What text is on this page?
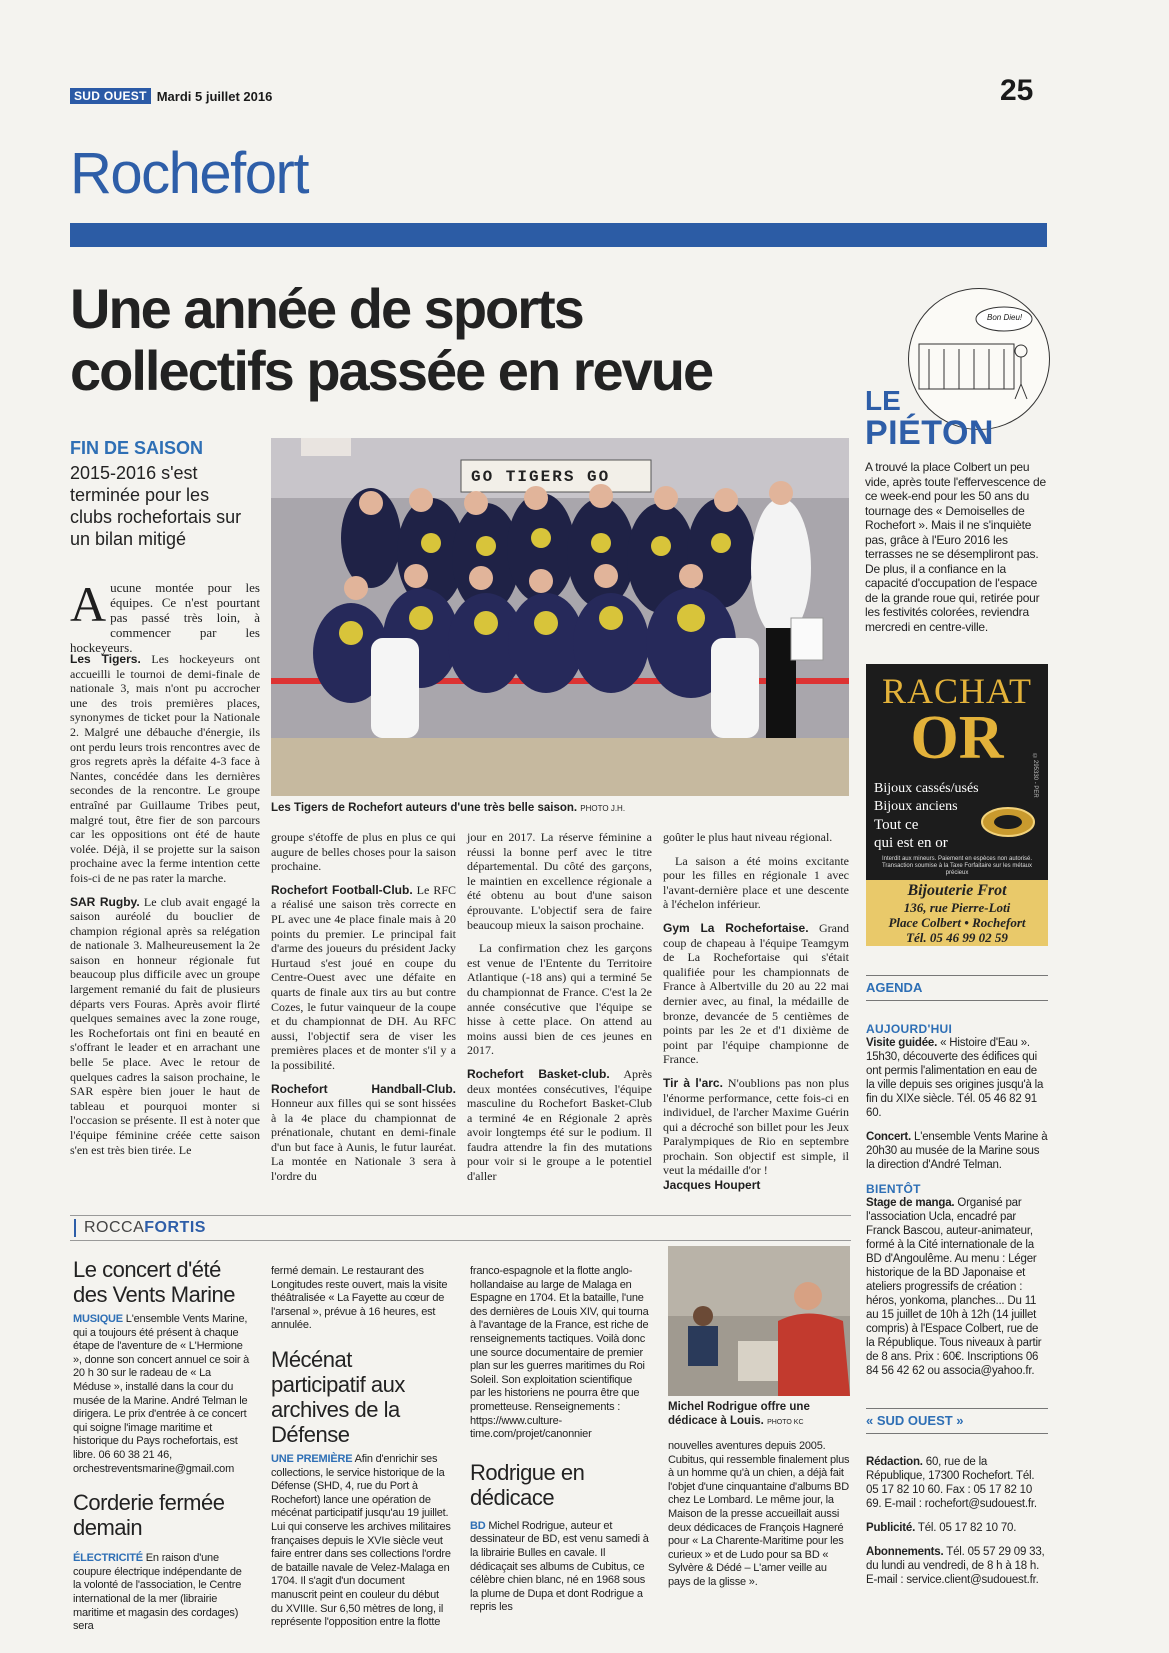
SUD OUEST Mardi 5 juillet 2016	25
Rochefort
Une année de sports
collectifs passée en revue
FIN DE SAISON
2015-2016 s'est terminée pour les clubs rochefortais sur un bilan mitigé
Aucune montée pour les équipes. Ce n'est pourtant pas passé très loin, à commencer par les hockeyeurs.
GO TIGERS GO
Les Tigers de Rochefort auteurs d'une très belle saison. PHOTO J.H.

Les Tigers. Les hockeyeurs ont accueilli le tournoi de demi-finale de nationale 3, mais n'ont pu accrocher une des trois premières places, synonymes de ticket pour la Nationale 2. Malgré une débauche d'énergie, ils ont perdu leurs trois rencontres avec de gros regrets après la défaite 4-3 face à Nantes, concédée dans les dernières secondes de la rencontre. Le groupe entraîné par Guillaume Tribes peut, malgré tout, être fier de son parcours car les oppositions ont été de haute volée. Déjà, il se projette sur la saison prochaine avec la ferme intention cette fois-ci de ne pas rater la marche.

SAR Rugby. Le club avait engagé la saison auréolé du bouclier de champion régional après sa relégation de nationale 3. Malheureusement la 2e saison en honneur régionale fut beaucoup plus difficile avec un groupe largement remanié du fait de plusieurs départs vers Fouras. Après avoir flirté quelques semaines avec la zone rouge, les Rochefortais ont fini en beauté en s'offrant le leader et en arrachant une belle 5e place. Avec le retour de quelques cadres la saison prochaine, le SAR espère bien jouer le haut de tableau et pourquoi monter si l'occasion se présente. Il est à noter que l'équipe féminine créée cette saison s'en est très bien tirée. Le

groupe s'étoffe de plus en plus ce qui augure de belles choses pour la saison prochaine.

Rochefort Football-Club. Le RFC a réalisé une saison très correcte en PL avec une 4e place finale mais à 20 points du premier. Le principal fait d'arme des joueurs du président Jacky Hurtaud s'est joué en coupe du Centre-Ouest avec une défaite en quarts de finale aux tirs au but contre Cozes, le futur vainqueur de la coupe et du championnat de DH. Au RFC aussi, l'objectif sera de viser les premières places et de monter s'il y a la possibilité.

Rochefort Handball-Club. Honneur aux filles qui se sont hissées à la 4e place du championnat de prénationale, chutant en demi-finale d'un but face à Aunis, le futur lauréat. La montée en Nationale 3 sera à l'ordre du

jour en 2017. La réserve féminine a réussi la bonne perf avec le titre départemental. Du côté des garçons, le maintien en excellence régionale a été obtenu au bout d'une saison éprouvante. L'objectif sera de faire beaucoup mieux la saison prochaine.

La confirmation chez les garçons est venue de l'Entente du Territoire Atlantique (-18 ans) qui a terminé 5e du championnat de France. C'est la 2e année consécutive que l'équipe se hisse à cette place. On attend au moins aussi bien de ces jeunes en 2017.

Rochefort Basket-club. Après deux montées consécutives, l'équipe masculine du Rochefort Basket-Club a terminé 4e en Régionale 2 après avoir longtemps été sur le podium. Il faudra attendre la fin des mutations pour voir si le groupe a le potentiel d'aller

goûter le plus haut niveau régional.

La saison a été moins excitante pour les filles en régionale 1 avec l'avant-dernière place et une descente à l'échelon inférieur.

Gym La Rochefortaise. Grand coup de chapeau à l'équipe Teamgym de La Rochefortaise qui s'était qualifiée pour les championnats de France à Albertville du 20 au 22 mai dernier avec, au final, la médaille de bronze, devancée de 5 centièmes de points par les 2e et d'1 dixième de point par l'équipe championne de France.

Tir à l'arc. N'oublions pas non plus l'énorme performance, cette fois-ci en individuel, de l'archer Maxime Guérin qui a décroché son billet pour les Jeux Paralympiques de Rio en septembre prochain. Son objectif est simple, il veut la médaille d'or !

Jacques Houpert
Bon Dieu!
LE
PIÉTON
A trouvé la place Colbert un peu vide, après toute l'effervescence de ce week-end pour les 50 ans du tournage des « Demoiselles de Rochefort ». Mais il ne s'inquiète pas, grâce à l'Euro 2016 les terrasses ne se désempliront pas. De plus, il a confiance en la capacité d'occupation de l'espace de la grande roue qui, retirée pour les festivités colorées, reviendra mercredi en centre-ville.
RACHAT
OR
Bijoux cassés/usés
Bijoux anciens
Tout ce
qui est en or
Interdit aux mineurs. Paiement en espèces non autorisé. Transaction soumise à la Taxe Forfaitaire sur les métaux précieux
Bijouterie Frot
136, rue Pierre-Loti
Place Colbert • Rochefort
Tél. 05 46 99 02 59
©295330 - PER
AGENDA
AUJOURD'HUI

Visite guidée. « Histoire d'Eau ». 15h30, découverte des édifices qui ont permis l'alimentation en eau de la ville depuis ses origines jusqu'à la fin du XIXe siècle. Tél. 05 46 82 91 60.

Concert. L'ensemble Vents Marine à 20h30 au musée de la Marine sous la direction d'André Telman.

BIENTÔT

Stage de manga. Organisé par l'association Ucla, encadré par Franck Bascou, auteur-animateur, formé à la Cité internationale de la BD d'Angoulême. Au menu : Léger historique de la BD Japonaise et ateliers progressifs de création : héros, yonkoma, planches... Du 11 au 15 juillet de 10h à 12h (14 juillet compris) à l'Espace Colbert, rue de la République. Tous niveaux à partir de 8 ans. Prix : 60€. Inscriptions 06 84 56 42 62 ou associa@yahoo.fr.

« SUD OUEST »

Rédaction. 60, rue de la République, 17300 Rochefort. Tél. 05 17 82 10 60. Fax : 05 17 82 10 69. E-mail : rochefort@sudouest.fr.

Publicité. Tél. 05 17 82 10 70.

Abonnements. Tél. 05 57 29 09 33, du lundi au vendredi, de 8 h à 18 h. E-mail : service.client@sudouest.fr.

ROCCAFORTIS
Le concert d'été des Vents Marine

MUSIQUE L'ensemble Vents Marine, qui a toujours été présent à chaque étape de l'aventure de « L'Hermione », donne son concert annuel ce soir à 20 h 30 sur le radeau de « La Méduse », installé dans la cour du musée de la Marine. André Telman le dirigera. Le prix d'entrée à ce concert qui soigne l'image maritime et historique du Pays rochefortais, est libre. 06 60 38 21 46, orchestreventsmarine@gmail.com

Corderie fermée demain

ÉLECTRICITÉ En raison d'une coupure électrique indépendante de la volonté de l'association, le Centre international de la mer (librairie maritime et magasin des cordages) sera

fermé demain. Le restaurant des Longitudes reste ouvert, mais la visite théâtralisée « La Fayette au cœur de l'arsenal », prévue à 16 heures, est annulée.

Mécénat participatif aux archives de la Défense

UNE PREMIÈRE Afin d'enrichir ses collections, le service historique de la Défense (SHD, 4, rue du Port à Rochefort) lance une opération de mécénat participatif jusqu'au 19 juillet. Lui qui conserve les archives militaires françaises depuis le XVIe siècle veut faire entrer dans ses collections l'ordre de bataille navale de Velez-Malaga en 1704. Il s'agit d'un document manuscrit peint en couleur du début du XVIIIe. Sur 6,50 mètres de long, il représente l'opposition entre la flotte

franco-espagnole et la flotte anglo-hollandaise au large de Malaga en Espagne en 1704. Et la bataille, l'une des dernières de Louis XIV, qui tourna à l'avantage de la France, est riche de renseignements tactiques. Voilà donc une source documentaire de premier plan sur les guerres maritimes du Roi Soleil. Son exploitation scientifique par les historiens ne pourra être que prometteuse. Renseignements : https://www.culture-time.com/projet/canonnier

Rodrigue en dédicace

BD Michel Rodrigue, auteur et dessinateur de BD, est venu samedi à la librairie Bulles en cavale. Il dédicaçait ses albums de Cubitus, ce célèbre chien blanc, né en 1968 sous la plume de Dupa et dont Rodrigue a repris les

Michel Rodrigue offre une dédicace à Louis. PHOTO KC

nouvelles aventures depuis 2005. Cubitus, qui ressemble finalement plus à un homme qu'à un chien, a déjà fait l'objet d'une cinquantaine d'albums BD chez Le Lombard. Le même jour, la Maison de la presse accueillait aussi deux dédicaces de François Hagneré pour « La Charente-Maritime pour les curieux » et de Ludo pour sa BD « Sylvère & Dédé – L'amer veille au pays de la glisse ».
